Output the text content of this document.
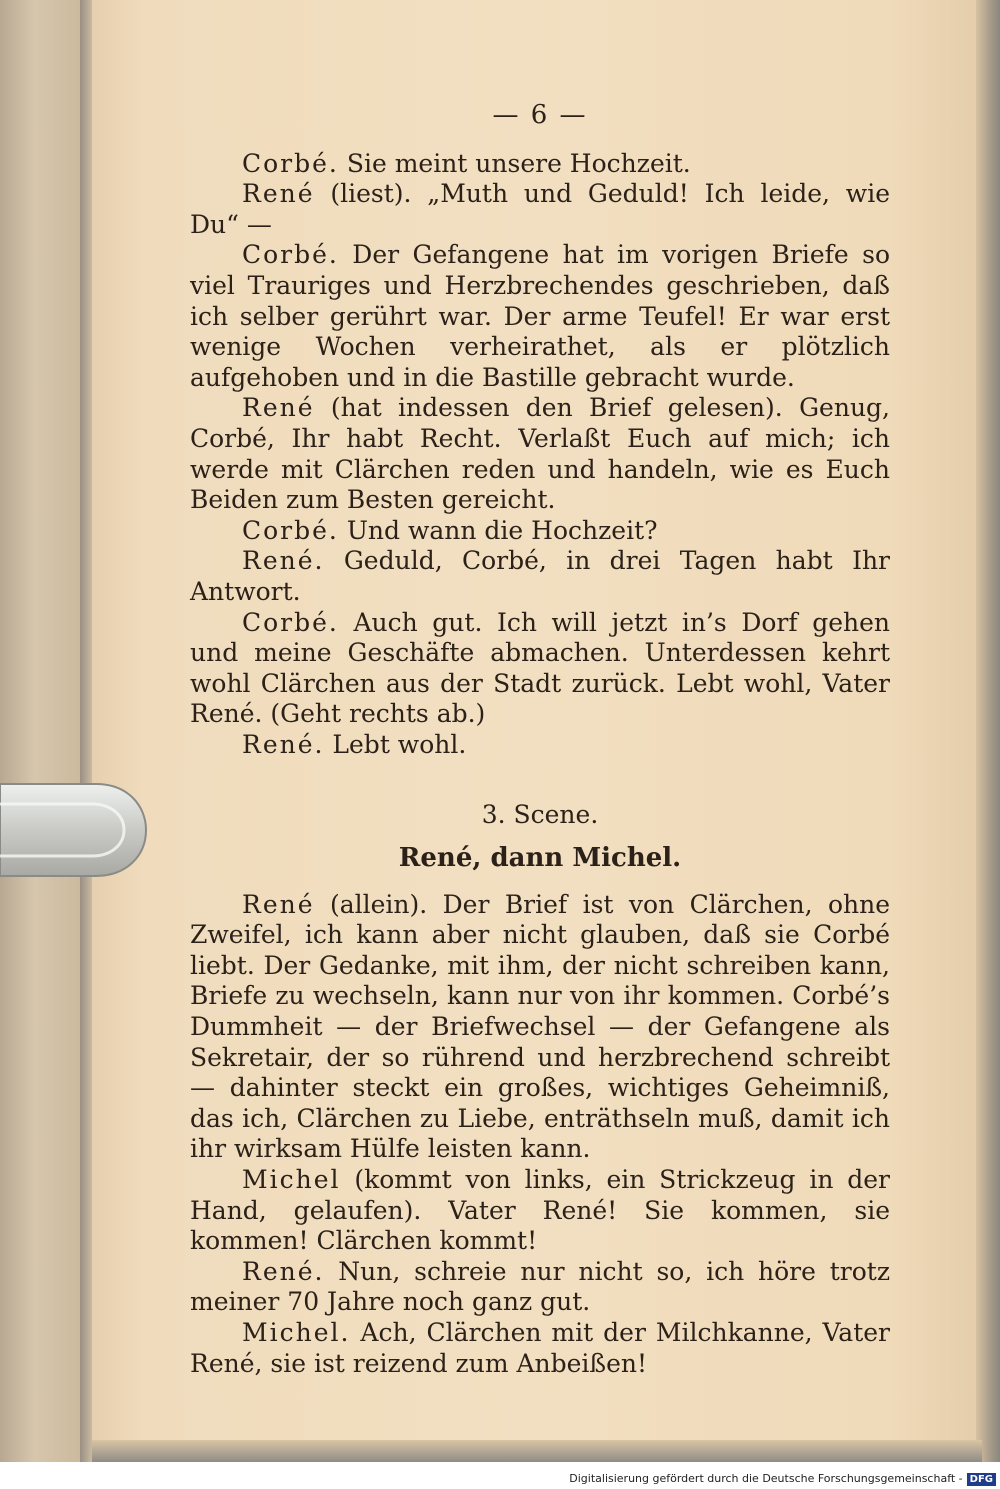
— 6 —

Corbé. Sie meint unsere Hochzeit.

René (liest). „Muth und Geduld! Ich leide, wie Du“ —

Corbé. Der Gefangene hat im vorigen Briefe so viel Trauriges und Herzbrechendes geschrieben, daß ich selber gerührt war. Der arme Teufel! Er war erst wenige Wochen verheirathet, als er plötzlich aufgehoben und in die Bastille gebracht wurde.

René (hat indessen den Brief gelesen). Genug, Corbé, Ihr habt Recht. Verlaßt Euch auf mich; ich werde mit Clärchen reden und handeln, wie es Euch Beiden zum Besten gereicht.

Corbé. Und wann die Hochzeit?

René. Geduld, Corbé, in drei Tagen habt Ihr Antwort.

Corbé. Auch gut. Ich will jetzt in’s Dorf gehen und meine Geschäfte abmachen. Unterdessen kehrt wohl Clärchen aus der Stadt zurück. Lebt wohl, Vater René. (Geht rechts ab.)

René. Lebt wohl.

3. Scene.
René, dann Michel.

René (allein). Der Brief ist von Clärchen, ohne Zweifel, ich kann aber nicht glauben, daß sie Corbé liebt. Der Gedanke, mit ihm, der nicht schreiben kann, Briefe zu wechseln, kann nur von ihr kommen. Corbé’s Dummheit — der Briefwechsel — der Gefangene als Sekretair, der so rührend und herzbrechend schreibt — dahinter steckt ein großes, wichtiges Geheimniß, das ich, Clärchen zu Liebe, enträthseln muß, damit ich ihr wirksam Hülfe leisten kann.

Michel (kommt von links, ein Strickzeug in der Hand, gelaufen). Vater René! Sie kommen, sie kommen! Clärchen kommt!

René. Nun, schreie nur nicht so, ich höre trotz meiner 70 Jahre noch ganz gut.

Michel. Ach, Clärchen mit der Milchkanne, Vater René, sie ist reizend zum Anbeißen!

Digitalisierung gefördert durch die Deutsche Forschungsgemeinschaft - DFG
